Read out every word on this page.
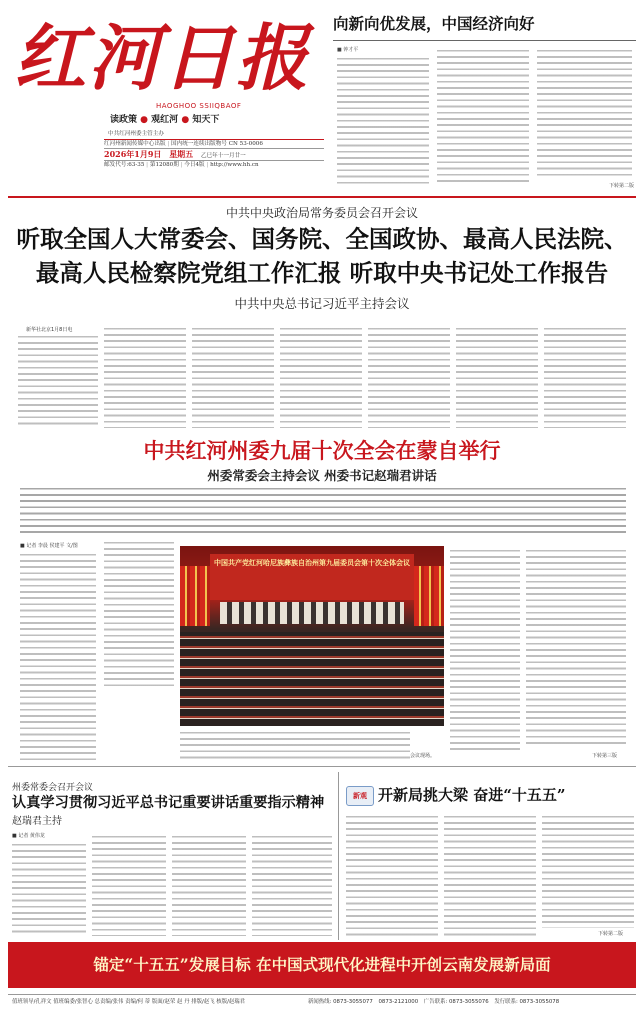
红河日报
HAOGHOO SSIIQBAOF
读政策 ● 观红河 ● 知天下
中共红河州委主管主办
红河州新闻传媒中心出版 | 国内统一连续出版物号 CN 53-0006
2026年1月9日 星期五 乙巳年十一月廿一
邮发代号:63-35 | 第12080期 | 今日4版 | http://www.hh.cn
向新向优发展，中国经济向好
■ 钟才平
下转第二版
中共中央政治局常务委员会召开会议
听取全国人大常委会、国务院、全国政协、最高人民法院、
最高人民检察院党组工作汇报 听取中央书记处工作报告
中共中央总书记习近平主持会议
新华社北京1月8日电
中共红河州委九届十次全会在蒙自举行
州委常委会主持会议 州委书记赵瑞君讲话
■ 记者 李晨 侯建平 文/图
中国共产党红河哈尼族彝族自治州第九届委员会第十次全体会议
会议现场。	下转第三版
州委常委会召开会议
认真学习贯彻习近平总书记重要讲话重要指示精神
赵瑞君主持
■ 记者 黄伟龙
新观 开新局挑大梁 奋进“十五五”
下转第二版
锚定“十五五”发展目标 在中国式现代化进程中开创云南发展新局面
值班领导/孔祥文 值班编委/张智心 总责编/张伟 责编/何 蒂 版面/赵荣 赵 丹 排版/赵飞 核版/赵瑞君	新闻热线: 0873-3055077 0873-2121000 广告联系: 0873-3055076 发行联系: 0873-3055078
